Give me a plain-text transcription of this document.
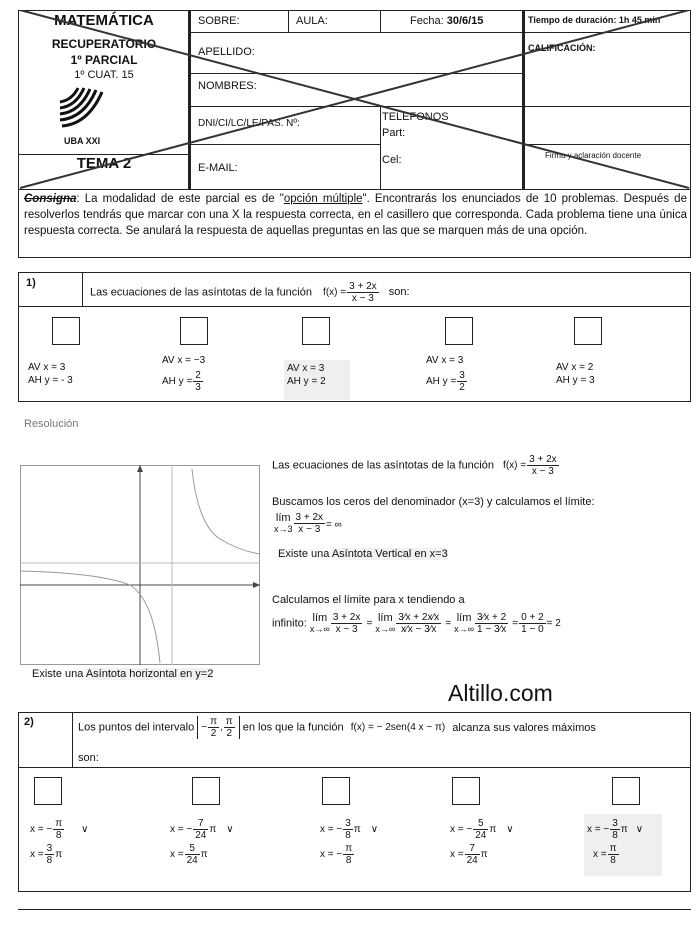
MATEMÁTICA
RECUPERATORIO
1º PARCIAL
1º CUAT. 15
UBA XXI
TEMA 2
SOBRE:	AULA:	Fecha: 30/6/15
APELLIDO:
NOMBRES:
DNI/CI/LC/LE/PAS. Nº:
TELEFONOS
Part:
Cel:
E-MAIL:
Tiempo de duración: 1h 45 min
CALIFICACIÓN:
Firma y aclaración docente
Consigna: La modalidad de este parcial es de "opción múltiple". Encontrarás los enunciados de 10 problemas. Después de resolverlos tendrás que marcar con una X la respuesta correcta, en el casillero que corresponda. Cada problema tiene una única respuesta correcta. Se anulará la respuesta de aquellas preguntas en las que se marquen más de una opción.
1)
Las ecuaciones de las asíntotas de la función $f(x) = \frac{3 + 2x}{x - 3}$ son:
AV x = 3
AH y = - 3
AV x = −3
AH $y = \frac{2}{3}$
AV x = 3
AH y = 2
AV x = 3
AH $y = \frac{3}{2}$
AV x = 2
AH y = 3
Resolución
Existe una Asíntota horizontal en y=2
Las ecuaciones de las asíntotas de la función $f(x) = \frac{3 + 2x}{x - 3}$
Buscamos los ceros del denominador (x=3) y calculamos el límite:
lím
$x\to 3 \frac{3 + 2x}{x - 3}$ = ∞
Existe una Asíntota Vertical en x=3
Calculamos el límite para x tendiendo a
infinito: lím
$x\to\infty \frac{3 + 2x}{x - 3}$ = lím
$x\to\infty \frac{3⁄x + 2x⁄x}{x⁄x - 3⁄x}$ = lím
$x\to\infty \frac{3⁄x + 2}{1 - 3⁄x} = \frac{0 + 2}{1 - 0} = 2$
Altillo.com
2)	Los puntos del intervalo − $\frac{\pi}{2}$ , $\frac{\pi}{2}$ en los que la función f(x) = − 2sen(4 x − π) alcanza sus valores máximos
son:
x = − $\frac{\pi}{8}$ ∨
$x = \frac{3}{8}$ π
x = − $\frac{7}{24}$ π ∨
$x = \frac{5}{24}$ π
x = − $\frac{3}{8}$ π ∨
x = − $\frac{\pi}{8}$
x = − $\frac{5}{24}$ π ∨
$x = \frac{7}{24}$ π
x = − $\frac{3}{8}$ π ∨
$x = \frac{\pi}{8}$
